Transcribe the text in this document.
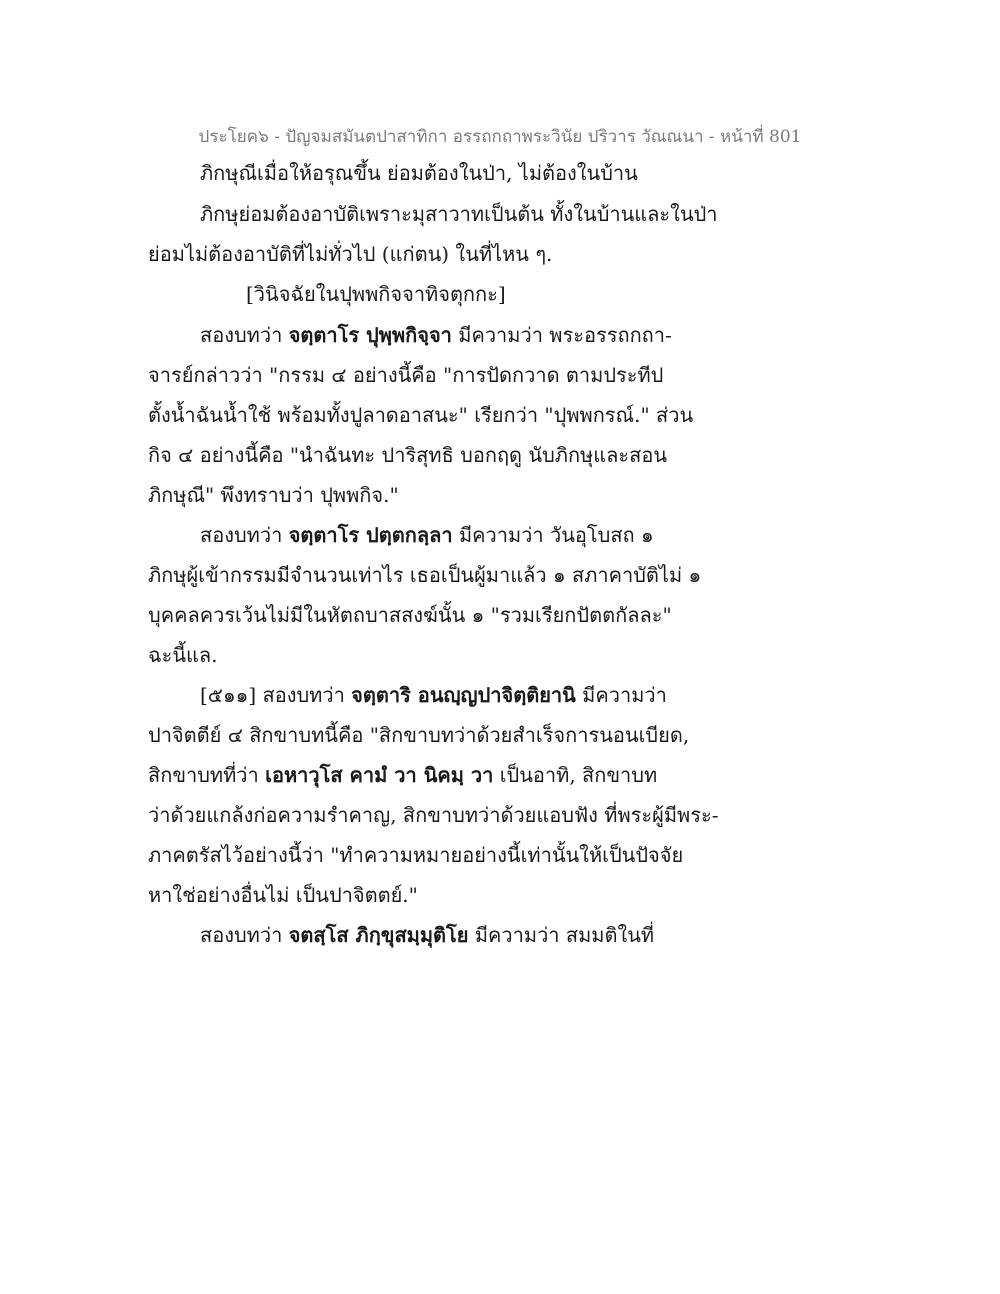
ประโยค๖ - ปัญจมสมันตปาสาทิกา อรรถกถาพระวินัย ปริวาร วัณณนา - หน้าที่ 801
ภิกษุณีเมื่อให้อรุณขึ้น ย่อมต้องในป่า, ไม่ต้องในบ้าน
ภิกษุย่อมต้องอาบัติเพราะมุสาวาทเป็นต้น ทั้งในบ้านและในป่า
ย่อมไม่ต้องอาบัติที่ไม่ทั่วไป (แก่ตน) ในที่ไหน ๆ.
[วินิจฉัยในปุพพกิจจาทิจตุกกะ]
สองบทว่า จตฺตาโร ปุพฺพกิจฺจา มีความว่า พระอรรถกถา-
จารย์กล่าวว่า "กรรม ๔ อย่างนี้คือ "การปัดกวาด ตามประทีป
ตั้งน้ำฉันน้ำใช้ พร้อมทั้งปูลาดอาสนะ" เรียกว่า "ปุพพกรณ์." ส่วน
กิจ ๔ อย่างนี้คือ "นำฉันทะ ปาริสุทธิ บอกฤดู นับภิกษุและสอน
ภิกษุณี" พึงทราบว่า ปุพพกิจ."
สองบทว่า จตฺตาโร ปตฺตกลฺลา มีความว่า วันอุโบสถ ๑
ภิกษุผู้เข้ากรรมมีจำนวนเท่าไร เธอเป็นผู้มาแล้ว ๑ สภาคาบัติไม่ ๑
บุคคลควรเว้นไม่มีในหัตถบาสสงฆ์นั้น ๑ "รวมเรียกปัตตกัลละ"
ฉะนี้แล.
[๕๑๑] สองบทว่า จตฺตาริ อนญฺญปาจิตฺติยานิ มีความว่า
ปาจิตตีย์ ๔ สิกขาบทนี้คือ "สิกขาบทว่าด้วยสำเร็จการนอนเบียด,
สิกขาบทที่ว่า เอหาวุโส คามํ วา นิคมฺ วา เป็นอาทิ, สิกขาบท
ว่าด้วยแกล้งก่อความรำคาญ, สิกขาบทว่าด้วยแอบฟัง ที่พระผู้มีพระ-
ภาคตรัสไว้อย่างนี้ว่า "ทำความหมายอย่างนี้เท่านั้นให้เป็นปัจจัย
หาใช่อย่างอื่นไม่ เป็นปาจิตตย์."
สองบทว่า จตสฺโส ภิกฺขุสมฺมุติโย มีความว่า สมมติในที่
